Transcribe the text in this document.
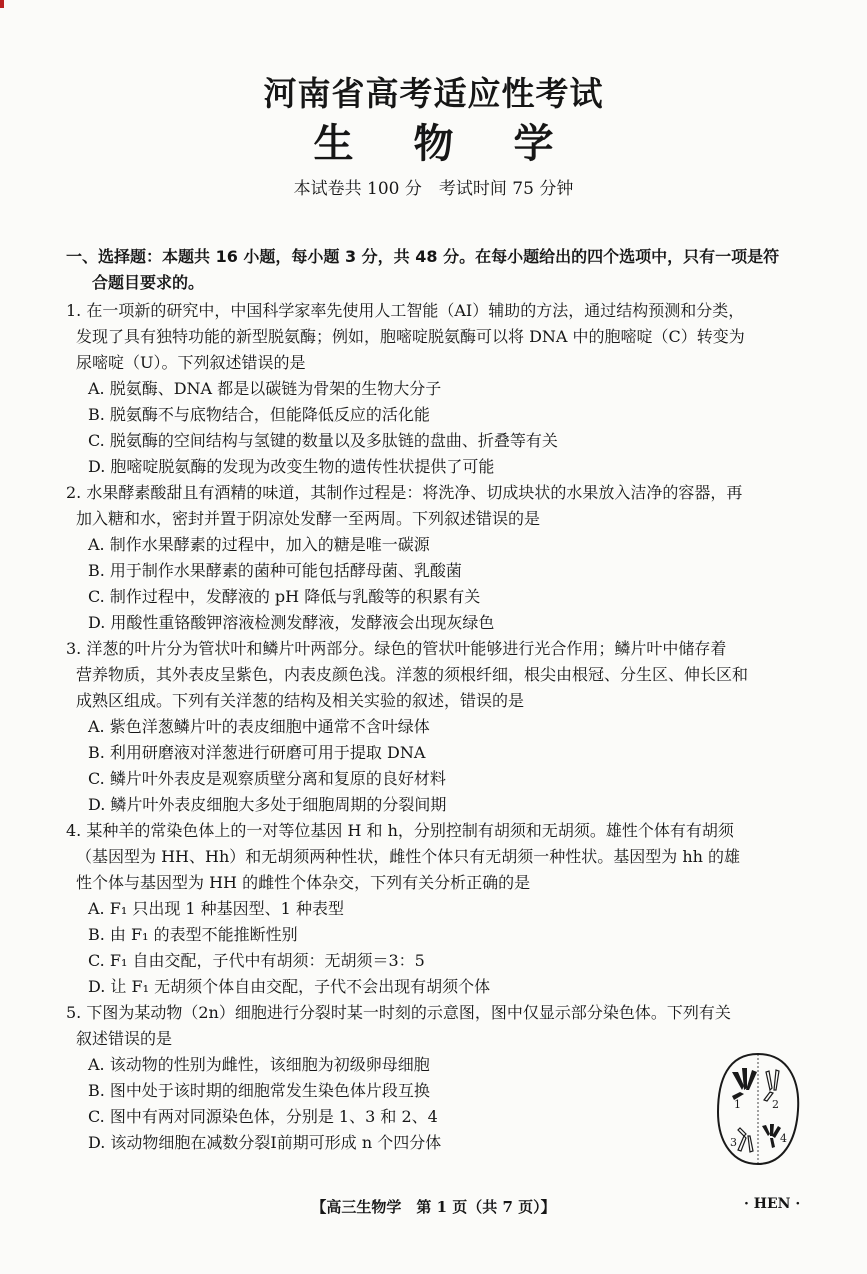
河南省高考适应性考试
生 物 学
本试卷共 100 分　考试时间 75 分钟
一、选择题：本题共 16 小题，每小题 3 分，共 48 分。在每小题给出的四个选项中，只有一项是符
合题目要求的。
1. 在一项新的研究中，中国科学家率先使用人工智能（AI）辅助的方法，通过结构预测和分类，
发现了具有独特功能的新型脱氨酶；例如，胞嘧啶脱氨酶可以将 DNA 中的胞嘧啶（C）转变为
尿嘧啶（U）。下列叙述错误的是
A. 脱氨酶、DNA 都是以碳链为骨架的生物大分子
B. 脱氨酶不与底物结合，但能降低反应的活化能
C. 脱氨酶的空间结构与氢键的数量以及多肽链的盘曲、折叠等有关
D. 胞嘧啶脱氨酶的发现为改变生物的遗传性状提供了可能
2. 水果酵素酸甜且有酒精的味道，其制作过程是：将洗净、切成块状的水果放入洁净的容器，再
加入糖和水，密封并置于阴凉处发酵一至两周。下列叙述错误的是
A. 制作水果酵素的过程中，加入的糖是唯一碳源
B. 用于制作水果酵素的菌种可能包括酵母菌、乳酸菌
C. 制作过程中，发酵液的 pH 降低与乳酸等的积累有关
D. 用酸性重铬酸钾溶液检测发酵液，发酵液会出现灰绿色
3. 洋葱的叶片分为管状叶和鳞片叶两部分。绿色的管状叶能够进行光合作用；鳞片叶中储存着
营养物质，其外表皮呈紫色，内表皮颜色浅。洋葱的须根纤细，根尖由根冠、分生区、伸长区和
成熟区组成。下列有关洋葱的结构及相关实验的叙述，错误的是
A. 紫色洋葱鳞片叶的表皮细胞中通常不含叶绿体
B. 利用研磨液对洋葱进行研磨可用于提取 DNA
C. 鳞片叶外表皮是观察质壁分离和复原的良好材料
D. 鳞片叶外表皮细胞大多处于细胞周期的分裂间期
4. 某种羊的常染色体上的一对等位基因 H 和 h，分别控制有胡须和无胡须。雄性个体有有胡须
（基因型为 HH、Hh）和无胡须两种性状，雌性个体只有无胡须一种性状。基因型为 hh 的雄
性个体与基因型为 HH 的雌性个体杂交，下列有关分析正确的是
A. F₁ 只出现 1 种基因型、1 种表型
B. 由 F₁ 的表型不能推断性别
C. F₁ 自由交配，子代中有胡须：无胡须＝3：5
D. 让 F₁ 无胡须个体自由交配，子代不会出现有胡须个体
5. 下图为某动物（2n）细胞进行分裂时某一时刻的示意图，图中仅显示部分染色体。下列有关
叙述错误的是
A. 该动物的性别为雌性，该细胞为初级卵母细胞
B. 图中处于该时期的细胞常发生染色体片段互换
C. 图中有两对同源染色体，分别是 1、3 和 2、4
D. 该动物细胞在减数分裂Ⅰ前期可形成 n 个四分体
1	2
3	4
【高三生物学　第 1 页（共 7 页）】	· HEN ·
